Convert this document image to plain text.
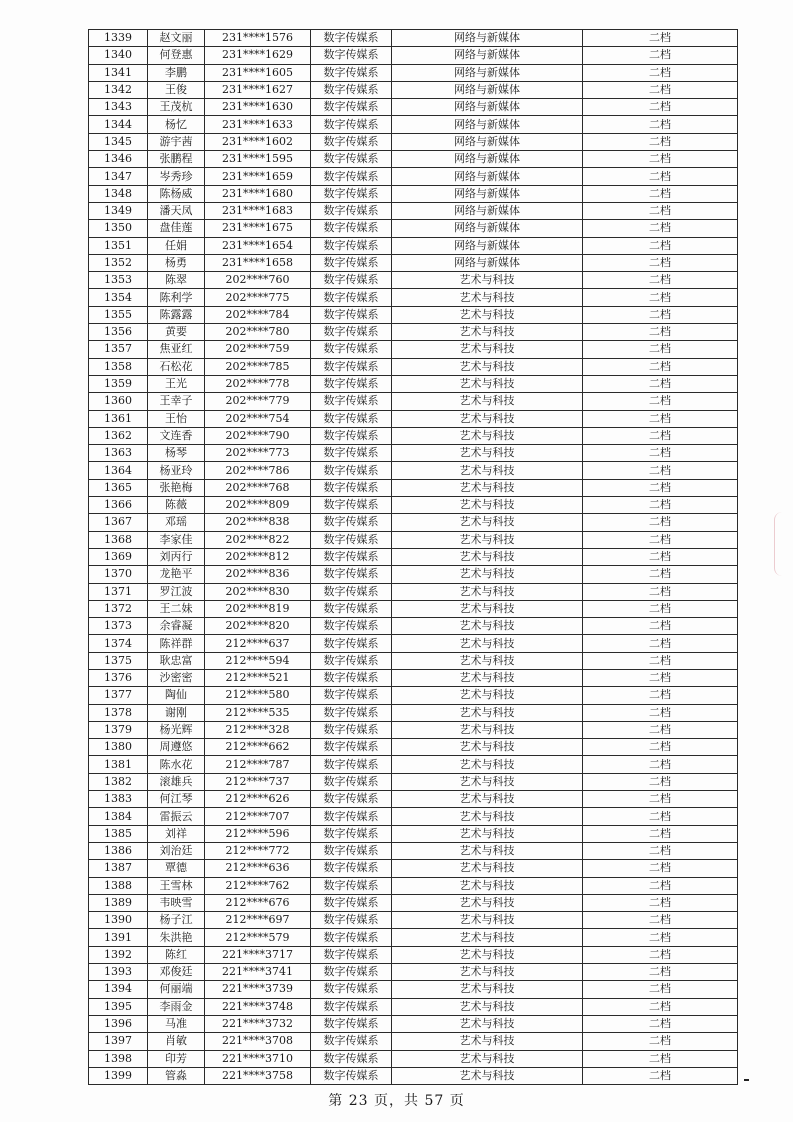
1339	赵文丽	231****1576	数字传媒系	网络与新媒体	二档
1340	何登惠	231****1629	数字传媒系	网络与新媒体	二档
1341	李鹏	231****1605	数字传媒系	网络与新媒体	二档
1342	王俊	231****1627	数字传媒系	网络与新媒体	二档
1343	王茂杭	231****1630	数字传媒系	网络与新媒体	二档
1344	杨忆	231****1633	数字传媒系	网络与新媒体	二档
1345	游宇茜	231****1602	数字传媒系	网络与新媒体	二档
1346	张鹏程	231****1595	数字传媒系	网络与新媒体	二档
1347	岑秀珍	231****1659	数字传媒系	网络与新媒体	二档
1348	陈杨威	231****1680	数字传媒系	网络与新媒体	二档
1349	潘天凤	231****1683	数字传媒系	网络与新媒体	二档
1350	盘佳莲	231****1675	数字传媒系	网络与新媒体	二档
1351	任娟	231****1654	数字传媒系	网络与新媒体	二档
1352	杨勇	231****1658	数字传媒系	网络与新媒体	二档
1353	陈翠	202****760	数字传媒系	艺术与科技	二档
1354	陈利学	202****775	数字传媒系	艺术与科技	二档
1355	陈露露	202****784	数字传媒系	艺术与科技	二档
1356	黄要	202****780	数字传媒系	艺术与科技	二档
1357	焦亚红	202****759	数字传媒系	艺术与科技	二档
1358	石松花	202****785	数字传媒系	艺术与科技	二档
1359	王光	202****778	数字传媒系	艺术与科技	二档
1360	王幸子	202****779	数字传媒系	艺术与科技	二档
1361	王怡	202****754	数字传媒系	艺术与科技	二档
1362	文连香	202****790	数字传媒系	艺术与科技	二档
1363	杨琴	202****773	数字传媒系	艺术与科技	二档
1364	杨亚玲	202****786	数字传媒系	艺术与科技	二档
1365	张艳梅	202****768	数字传媒系	艺术与科技	二档
1366	陈薇	202****809	数字传媒系	艺术与科技	二档
1367	邓瑶	202****838	数字传媒系	艺术与科技	二档
1368	李家佳	202****822	数字传媒系	艺术与科技	二档
1369	刘丙行	202****812	数字传媒系	艺术与科技	二档
1370	龙艳平	202****836	数字传媒系	艺术与科技	二档
1371	罗江波	202****830	数字传媒系	艺术与科技	二档
1372	王二妹	202****819	数字传媒系	艺术与科技	二档
1373	余睿凝	202****820	数字传媒系	艺术与科技	二档
1374	陈祥群	212****637	数字传媒系	艺术与科技	二档
1375	耿忠富	212****594	数字传媒系	艺术与科技	二档
1376	沙密密	212****521	数字传媒系	艺术与科技	二档
1377	陶仙	212****580	数字传媒系	艺术与科技	二档
1378	谢刚	212****535	数字传媒系	艺术与科技	二档
1379	杨光辉	212****328	数字传媒系	艺术与科技	二档
1380	周遵悠	212****662	数字传媒系	艺术与科技	二档
1381	陈水花	212****787	数字传媒系	艺术与科技	二档
1382	滚雄兵	212****737	数字传媒系	艺术与科技	二档
1383	何江琴	212****626	数字传媒系	艺术与科技	二档
1384	雷振云	212****707	数字传媒系	艺术与科技	二档
1385	刘祥	212****596	数字传媒系	艺术与科技	二档
1386	刘治廷	212****772	数字传媒系	艺术与科技	二档
1387	覃德	212****636	数字传媒系	艺术与科技	二档
1388	王雪林	212****762	数字传媒系	艺术与科技	二档
1389	韦映雪	212****676	数字传媒系	艺术与科技	二档
1390	杨子江	212****697	数字传媒系	艺术与科技	二档
1391	朱洪艳	212****579	数字传媒系	艺术与科技	二档
1392	陈红	221****3717	数字传媒系	艺术与科技	二档
1393	邓俊廷	221****3741	数字传媒系	艺术与科技	二档
1394	何丽端	221****3739	数字传媒系	艺术与科技	二档
1395	李雨金	221****3748	数字传媒系	艺术与科技	二档
1396	马准	221****3732	数字传媒系	艺术与科技	二档
1397	肖敏	221****3708	数字传媒系	艺术与科技	二档
1398	印芳	221****3710	数字传媒系	艺术与科技	二档
1399	管淼	221****3758	数字传媒系	艺术与科技	二档
第 23 页，共 57 页
